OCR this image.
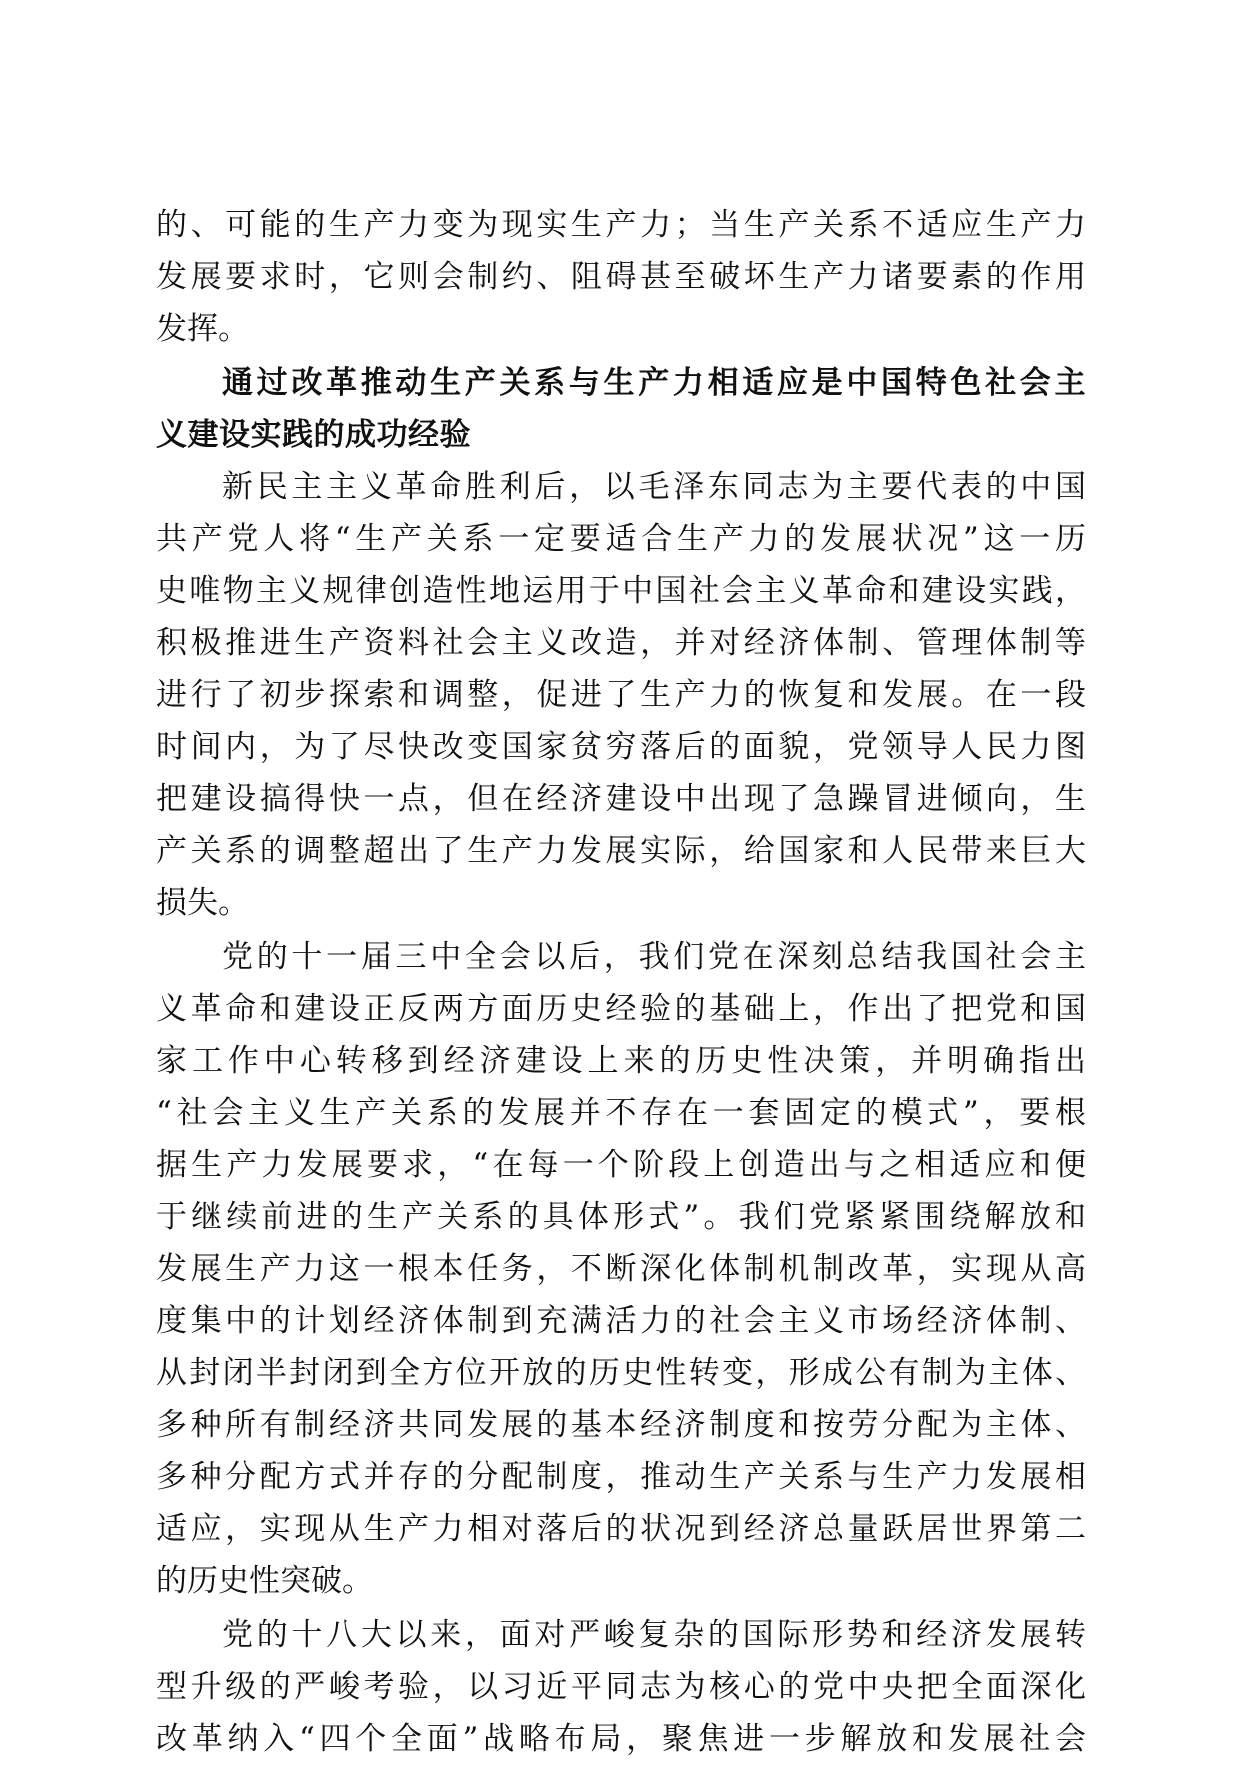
的、可能的生产力变为现实生产力；当生产关系不适应生产力
发展要求时，它则会制约、阻碍甚至破坏生产力诸要素的作用
发挥。
通过改革推动生产关系与生产力相适应是中国特色社会主
义建设实践的成功经验
新民主主义革命胜利后，以毛泽东同志为主要代表的中国
共产党人将“生产关系一定要适合生产力的发展状况”这一历
史唯物主义规律创造性地运用于中国社会主义革命和建设实践，
积极推进生产资料社会主义改造，并对经济体制、管理体制等
进行了初步探索和调整，促进了生产力的恢复和发展。在一段
时间内，为了尽快改变国家贫穷落后的面貌，党领导人民力图
把建设搞得快一点，但在经济建设中出现了急躁冒进倾向，生
产关系的调整超出了生产力发展实际，给国家和人民带来巨大
损失。
党的十一届三中全会以后，我们党在深刻总结我国社会主
义革命和建设正反两方面历史经验的基础上，作出了把党和国
家工作中心转移到经济建设上来的历史性决策，并明确指出
“社会主义生产关系的发展并不存在一套固定的模式”，要根
据生产力发展要求，“在每一个阶段上创造出与之相适应和便
于继续前进的生产关系的具体形式”。我们党紧紧围绕解放和
发展生产力这一根本任务，不断深化体制机制改革，实现从高
度集中的计划经济体制到充满活力的社会主义市场经济体制、
从封闭半封闭到全方位开放的历史性转变，形成公有制为主体、
多种所有制经济共同发展的基本经济制度和按劳分配为主体、
多种分配方式并存的分配制度，推动生产关系与生产力发展相
适应，实现从生产力相对落后的状况到经济总量跃居世界第二
的历史性突破。
党的十八大以来，面对严峻复杂的国际形势和经济发展转
型升级的严峻考验，以习近平同志为核心的党中央把全面深化
改革纳入“四个全面”战略布局，聚焦进一步解放和发展社会
